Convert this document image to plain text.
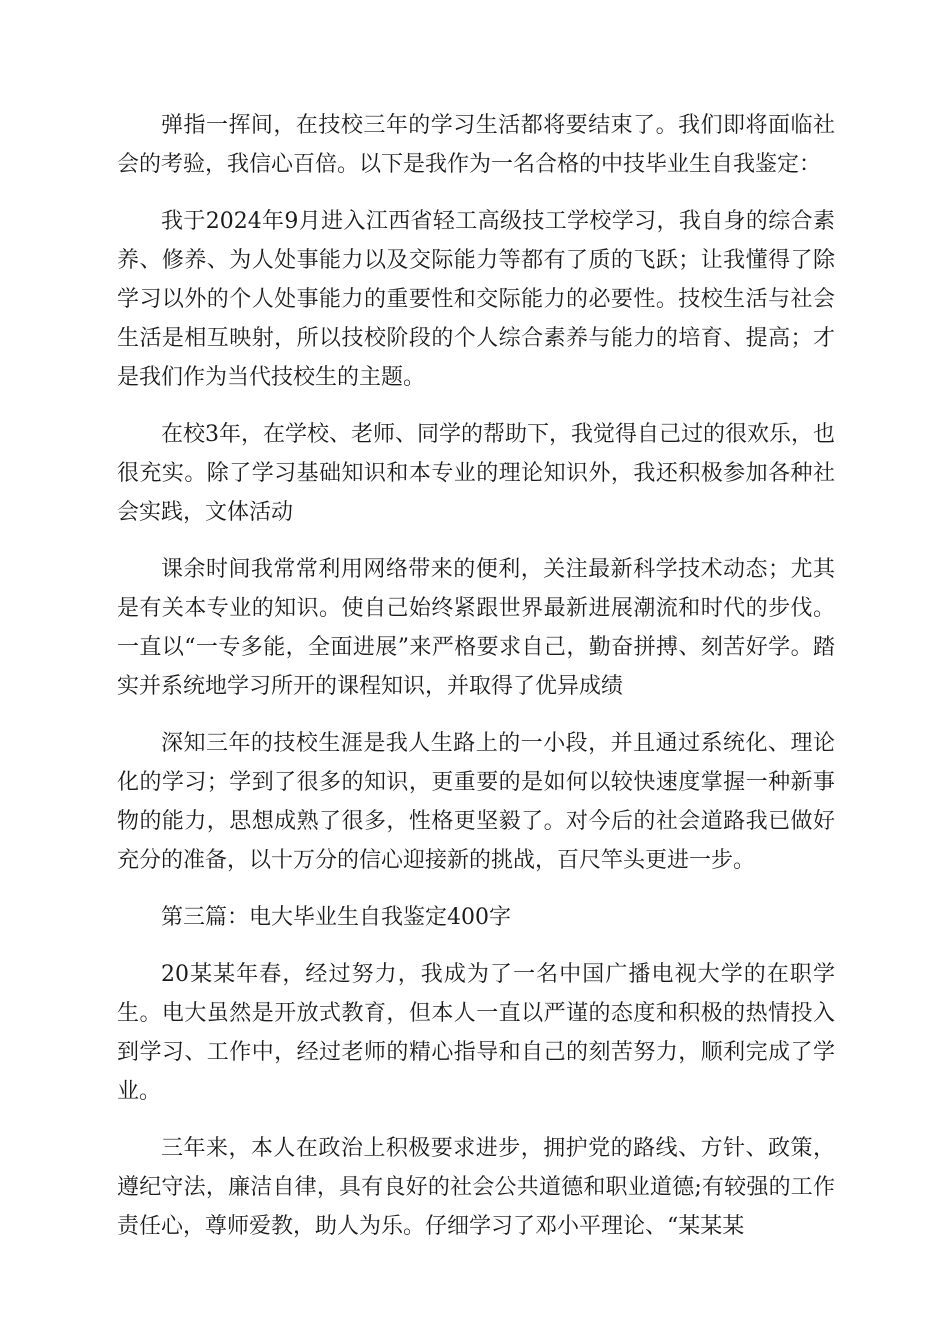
弹指一挥间，在技校三年的学习生活都将要结束了。我们即将面临社会的考验，我信心百倍。以下是我作为一名合格的中技毕业生自我鉴定：

我于2024年9月进入江西省轻工高级技工学校学习，我自身的综合素养、修养、为人处事能力以及交际能力等都有了质的飞跃；让我懂得了除学习以外的个人处事能力的重要性和交际能力的必要性。技校生活与社会生活是相互映射，所以技校阶段的个人综合素养与能力的培育、提高；才是我们作为当代技校生的主题。

在校3年，在学校、老师、同学的帮助下，我觉得自己过的很欢乐，也很充实。除了学习基础知识和本专业的理论知识外，我还积极参加各种社会实践，文体活动

课余时间我常常利用网络带来的便利，关注最新科学技术动态；尤其是有关本专业的知识。使自己始终紧跟世界最新进展潮流和时代的步伐。一直以“一专多能，全面进展”来严格要求自己，勤奋拼搏、刻苦好学。踏实并系统地学习所开的课程知识，并取得了优异成绩

深知三年的技校生涯是我人生路上的一小段，并且通过系统化、理论化的学习；学到了很多的知识，更重要的是如何以较快速度掌握一种新事物的能力，思想成熟了很多，性格更坚毅了。对今后的社会道路我已做好充分的准备，以十万分的信心迎接新的挑战，百尺竿头更进一步。

第三篇：电大毕业生自我鉴定400字

20某某年春，经过努力，我成为了一名中国广播电视大学的在职学生。电大虽然是开放式教育，但本人一直以严谨的态度和积极的热情投入到学习、工作中，经过老师的精心指导和自己的刻苦努力，顺利完成了学业。

三年来，本人在政治上积极要求进步，拥护党的路线、方针、政策，遵纪守法，廉洁自律，具有良好的社会公共道德和职业道德;有较强的工作责任心，尊师爱教，助人为乐。仔细学习了邓小平理论、“某某某
